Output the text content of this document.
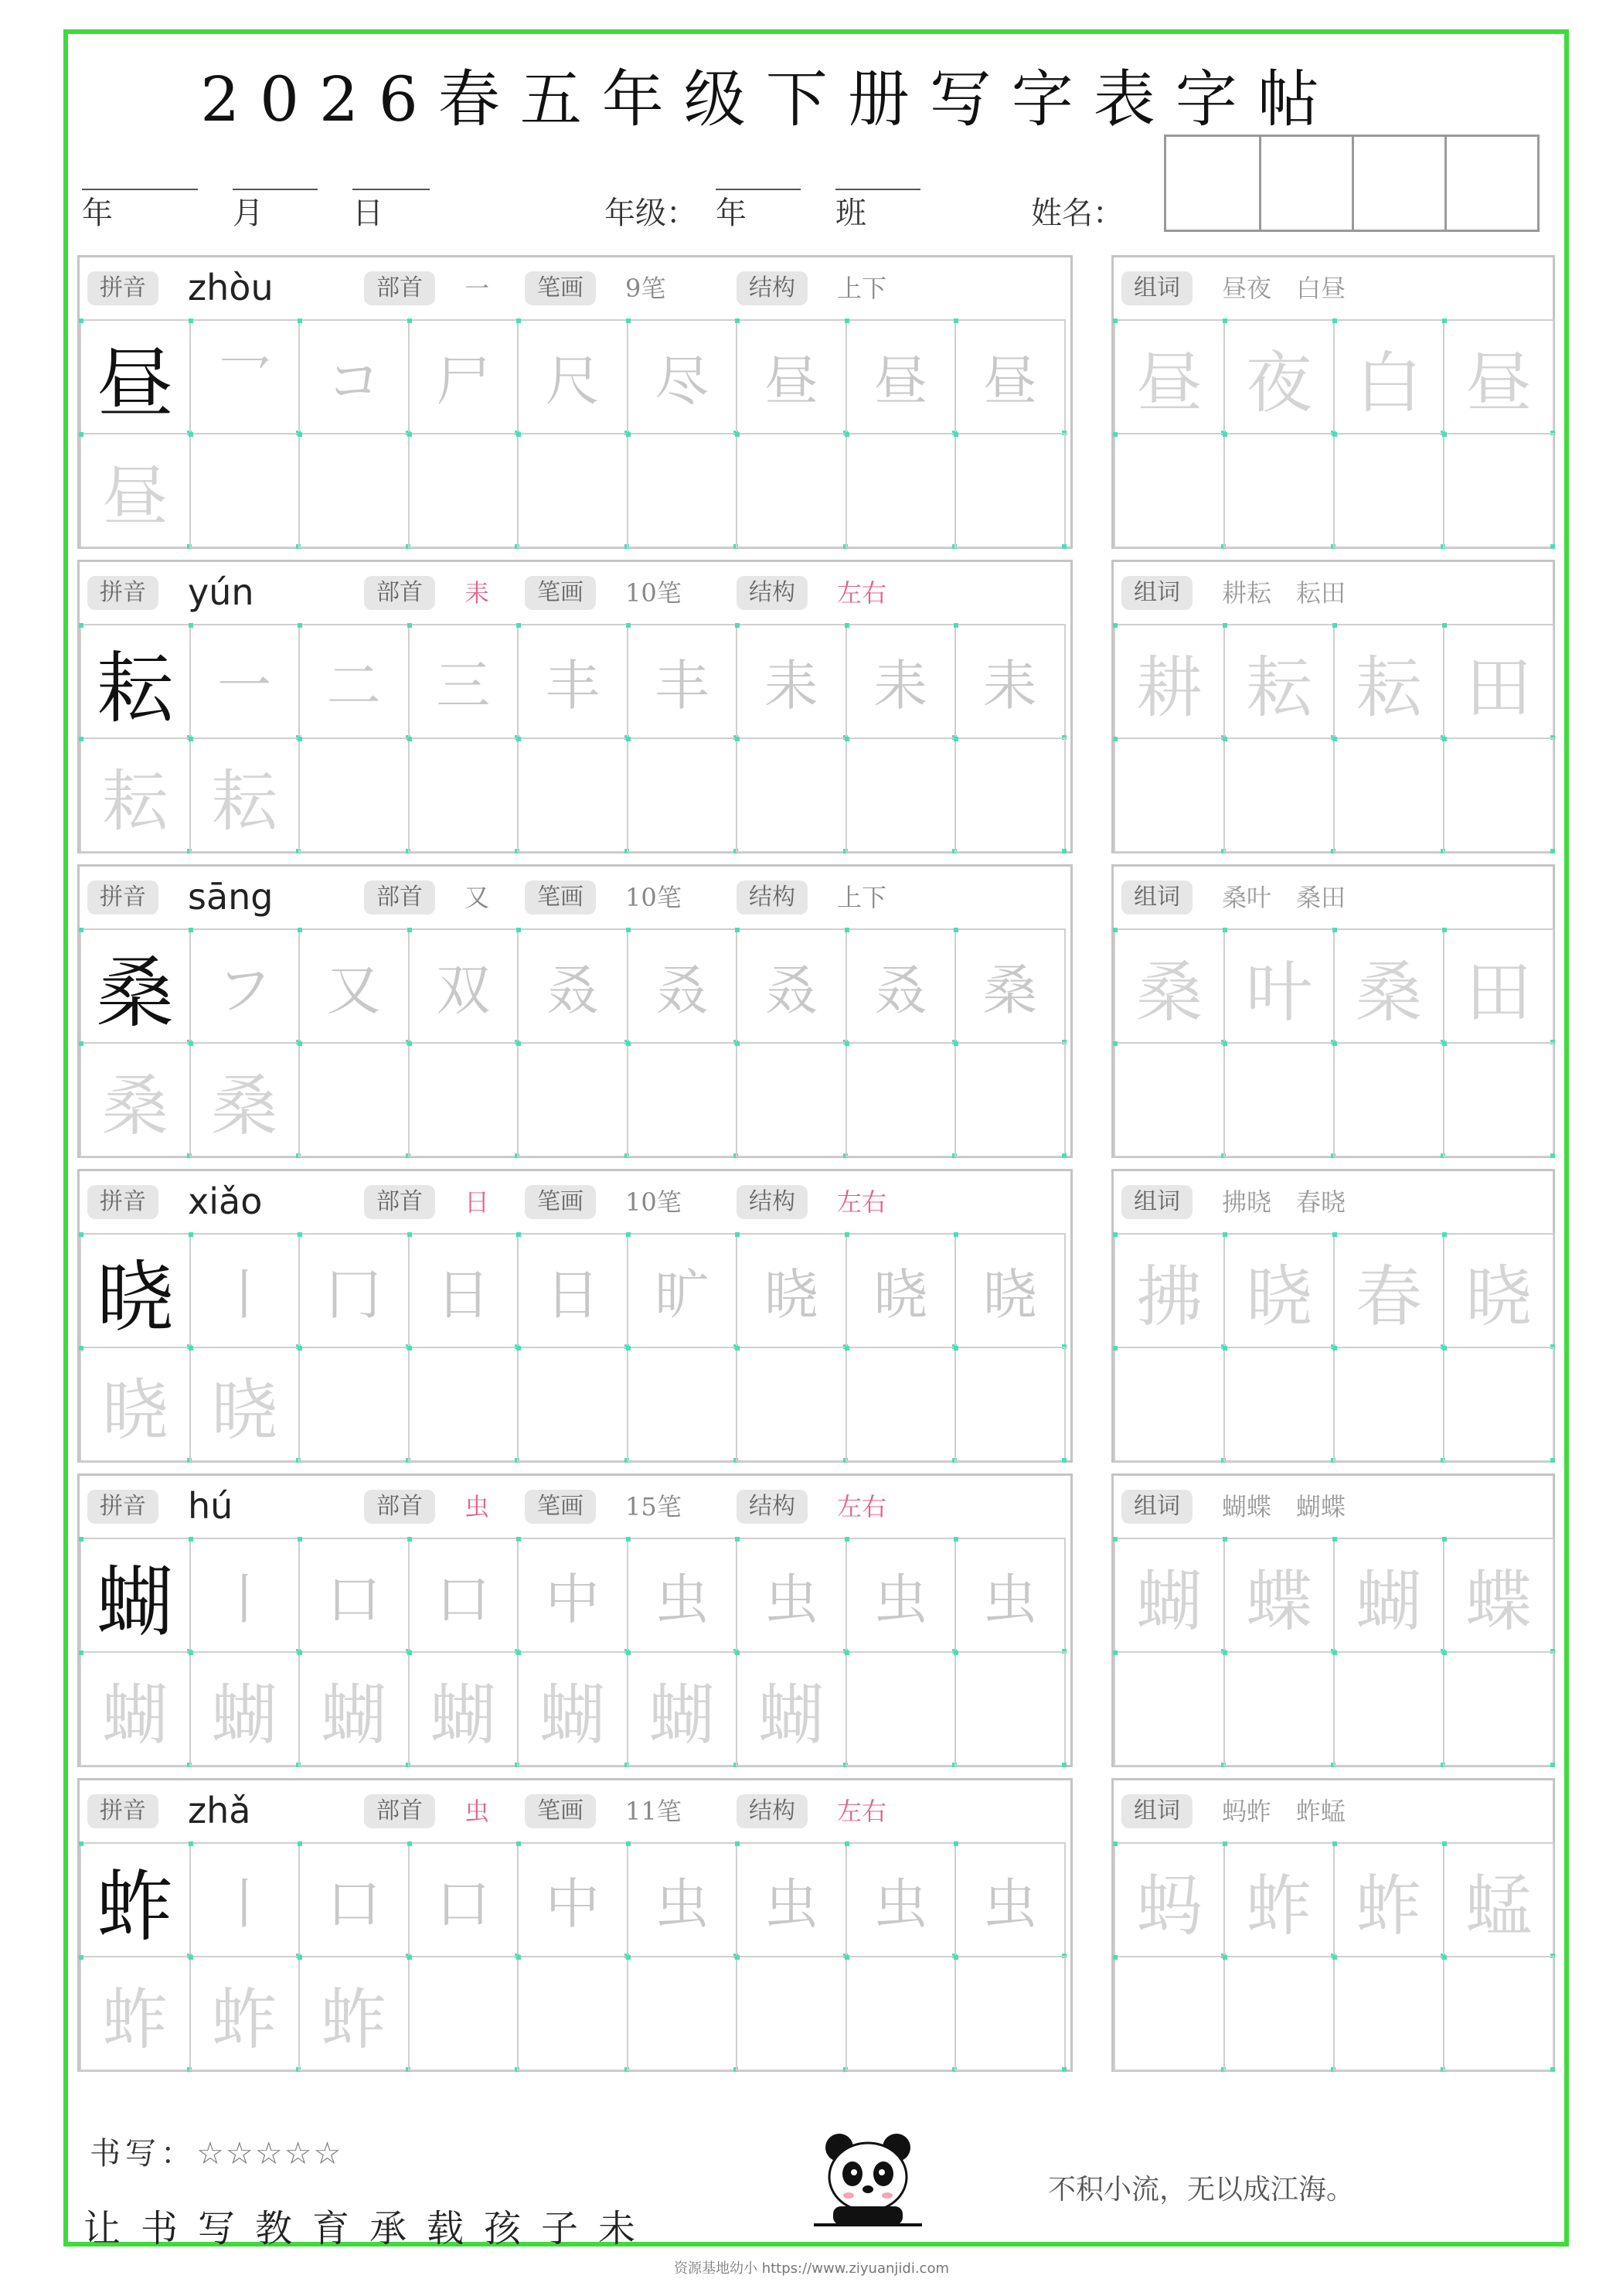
2026春五年级下册写字表字帖
年	月	日	年级： 年	班	姓名：
拼音	zhòu	部首	一	笔画	9笔	结构	上下
昼 乛 コ 尸 尺 尽 昼 昼 昼
昼
组词	昼夜　白昼
昼 夜 白 昼
拼音	yún	部首	耒	笔画	10笔	结构	左右
耘 一 二 三 丰 丰 耒 耒 耒
耘 耘
组词	耕耘　耘田
耕 耘 耘 田
拼音	sāng	部首	又	笔画	10笔	结构	上下
桑 フ 又 双 叒 叒 叒 叒 桑
桑 桑
组词	桑叶　桑田
桑 叶 桑 田
拼音	xiǎo	部首	日	笔画	10笔	结构	左右
晓 丨 冂 日 日 旷 晓 晓 晓
晓 晓
组词	拂晓　春晓
拂 晓 春 晓
拼音	hú	部首	虫	笔画	15笔	结构	左右
蝴 丨 口 口 中 虫 虫 虫 虫
蝴 蝴 蝴 蝴 蝴 蝴 蝴
组词	蝴蝶　蝴蝶
蝴 蝶 蝴 蝶
拼音	zhǎ	部首	虫	笔画	11笔	结构	左右
蚱 丨 口 口 中 虫 虫 虫 虫
蚱 蚱 蚱
组词	蚂蚱　蚱蜢
蚂 蚱 蚱 蜢
书写：☆☆☆☆☆
不积小流，无以成江海。
让书写教育承载孩子未
资源基地幼小 https://www.ziyuanjidi.com
